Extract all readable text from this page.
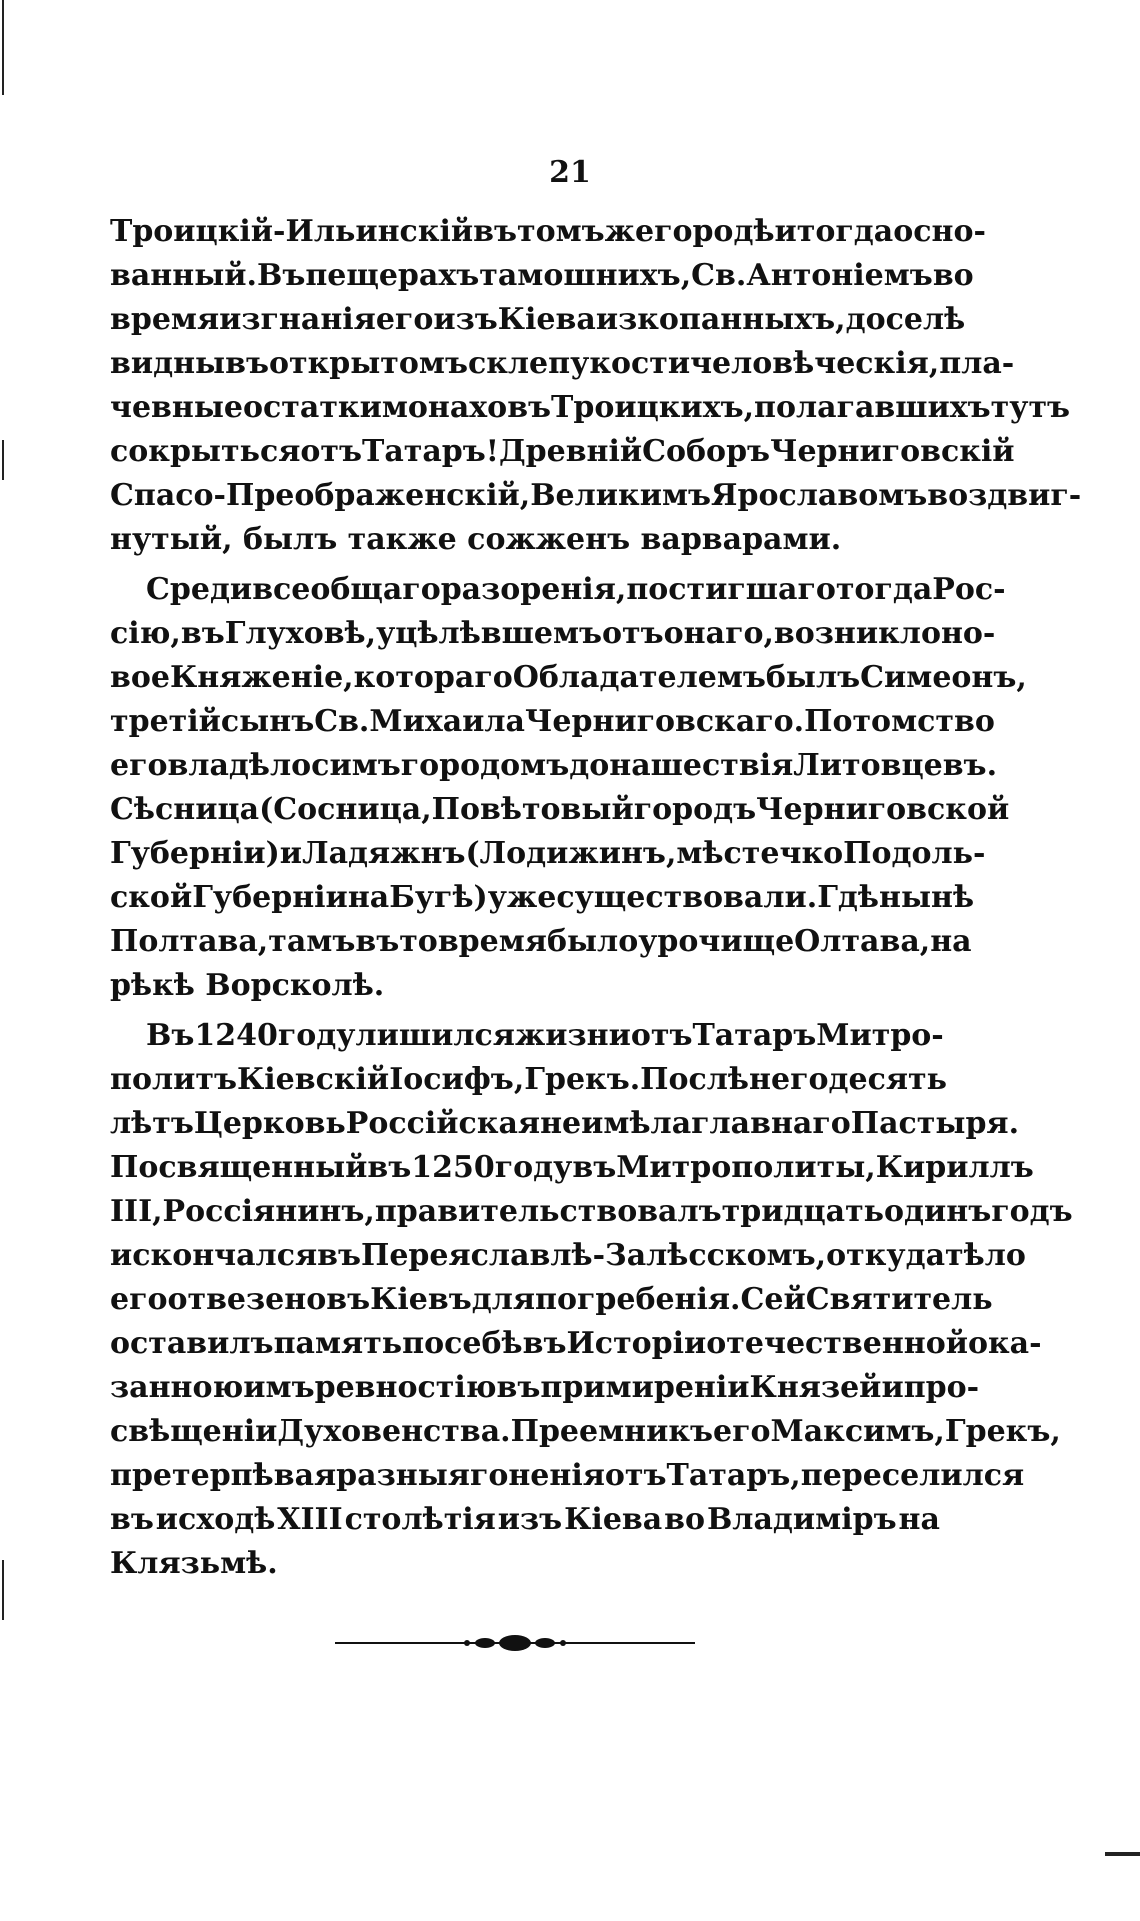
21
Троицкій-Ильинскій въ томъ же городѣ и тогда осно-
ванный. Въ пещерахъ тамошнихъ, Св. Антоніемъ во
время изгнанія его изъ Кіева изкопанныхъ, доселѣ
видны въ открытомъ склепу кости человѣческія, пла-
чевные остатки монаховъ Троицкихъ, полагавшихъ тутъ
сокрыться отъ Татаръ! Древній Соборъ Черниговскій
Спасо-Преображенскій, Великимъ Ярославомъ воздвиг-
нутый, былъ также сожженъ варварами.
Среди всеобщаго разоренія, постигшаго тогда Рос-
сію, въ Глуховѣ, уцѣлѣвшемъ отъ онаго, возникло но-
вое Княженіе, котораго Обладателемъ былъ Симеонъ,
третій сынъ Св. Михаила Черниговскаго. Потомство
его владѣло симъ городомъ до нашествія Литовцевъ.
Сѣсница (Сосница, Повѣтовый городъ Черниговской
Губерніи) и Ладяжнъ (Лодижинъ, мѣстечко Подоль-
ской Губерніи на Бугѣ) уже существовали. Гдѣ нынѣ
Полтава, тамъ въ то время было урочище Олтава, на
рѣкѣ Ворсколѣ.
Въ 1240 году лишился жизни отъ Татаръ Митро-
политъ Кіевскій Іосифъ, Грекъ. Послѣ него десять
лѣтъ Церковь Россійская не имѣла главнаго Пастыря.
Посвященный въ 1250 году въ Митрополиты, Кириллъ
III, Россіянинъ, правительствовалъ тридцать одинъ годъ
и скончался въ Переяславлѣ-Залѣсскомъ, откуда тѣло
его отвезено въ Кіевъ для погребенія. Сей Святитель
оставилъ память по себѣ въ Исторіи отечественной ока-
занною имъ ревностію въ примиреніи Князей и про-
свѣщеніи Духовенства. Преемникъ его Максимъ, Грекъ,
претерпѣвая разныя гоненія отъ Татаръ, переселился
въ исходѣ XIII столѣтія изъ Кіева во Владиміръ на
Клязьмѣ.
